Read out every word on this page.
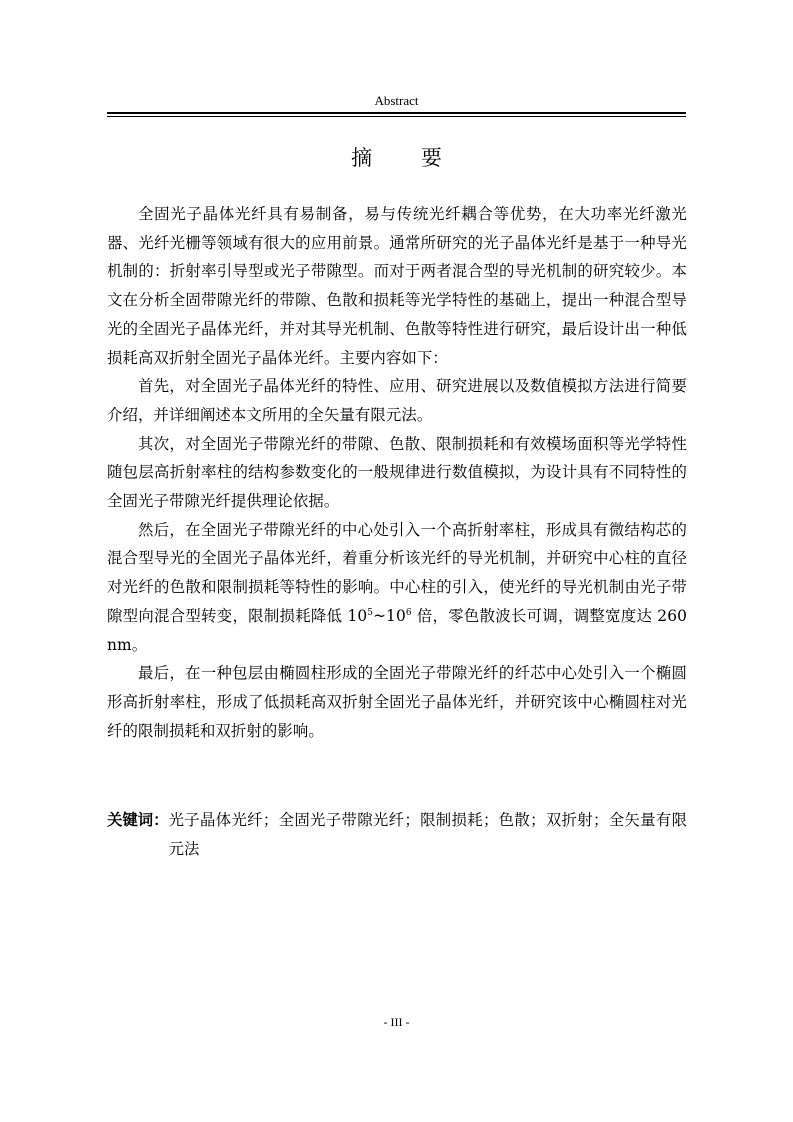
Abstract
摘 要

全固光子晶体光纤具有易制备，易与传统光纤耦合等优势，在大功率光纤激光器、光纤光栅等领域有很大的应用前景。通常所研究的光子晶体光纤是基于一种导光机制的：折射率引导型或光子带隙型。而对于两者混合型的导光机制的研究较少。本文在分析全固带隙光纤的带隙、色散和损耗等光学特性的基础上，提出一种混合型导光的全固光子晶体光纤，并对其导光机制、色散等特性进行研究，最后设计出一种低损耗高双折射全固光子晶体光纤。主要内容如下：

首先，对全固光子晶体光纤的特性、应用、研究进展以及数值模拟方法进行简要介绍，并详细阐述本文所用的全矢量有限元法。

其次，对全固光子带隙光纤的带隙、色散、限制损耗和有效模场面积等光学特性随包层高折射率柱的结构参数变化的一般规律进行数值模拟，为设计具有不同特性的全固光子带隙光纤提供理论依据。

然后，在全固光子带隙光纤的中心处引入一个高折射率柱，形成具有微结构芯的混合型导光的全固光子晶体光纤，着重分析该光纤的导光机制，并研究中心柱的直径对光纤的色散和限制损耗等特性的影响。中心柱的引入，使光纤的导光机制由光子带隙型向混合型转变，限制损耗降低 $10^5\sim 10^6$ 倍，零色散波长可调，调整宽度达 260 nm。

最后，在一种包层由椭圆柱形成的全固光子带隙光纤的纤芯中心处引入一个椭圆形高折射率柱，形成了低损耗高双折射全固光子晶体光纤，并研究该中心椭圆柱对光纤的限制损耗和双折射的影响。

关键词： 光子晶体光纤；全固光子带隙光纤；限制损耗；色散；双折射；全矢量有限元法
- III -
